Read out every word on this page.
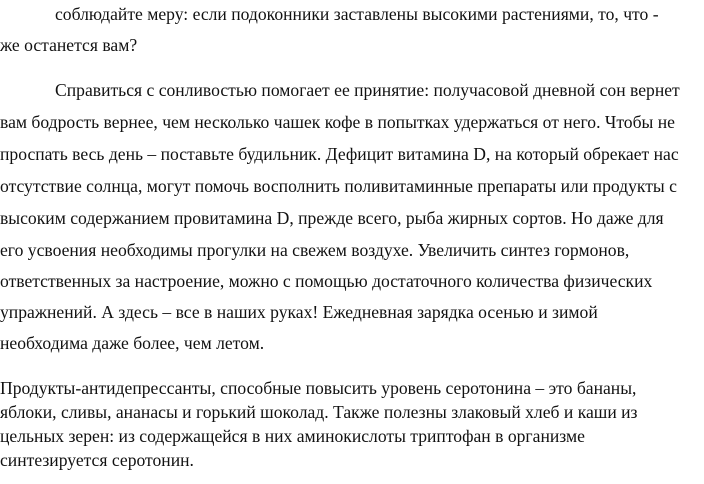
соблюдайте меру: если подоконники заставлены высокими растениями, то, что -
же останется вам?
Справиться с сонливостью помогает ее принятие: получасовой дневной сон вернет
вам бодрость вернее, чем несколько чашек кофе в попытках удержаться от него. Чтобы не
проспать весь день – поставьте будильник. Дефицит витамина D, на который обрекает нас
отсутствие солнца, могут помочь восполнить поливитаминные препараты или продукты с
высоким содержанием провитамина D, прежде всего, рыба жирных сортов. Но даже для
его усвоения необходимы прогулки на свежем воздухе. Увеличить синтез гормонов,
ответственных за настроение, можно с помощью достаточного количества физических
упражнений. А здесь – все в наших руках! Ежедневная зарядка осенью и зимой
необходима даже более, чем летом.
Продукты-антидепрессанты, способные повысить уровень серотонина – это бананы,
яблоки, сливы, ананасы и горький шоколад. Также полезны злаковый хлеб и каши из
цельных зерен: из содержащейся в них аминокислоты триптофан в организме
синтезируется серотонин.
